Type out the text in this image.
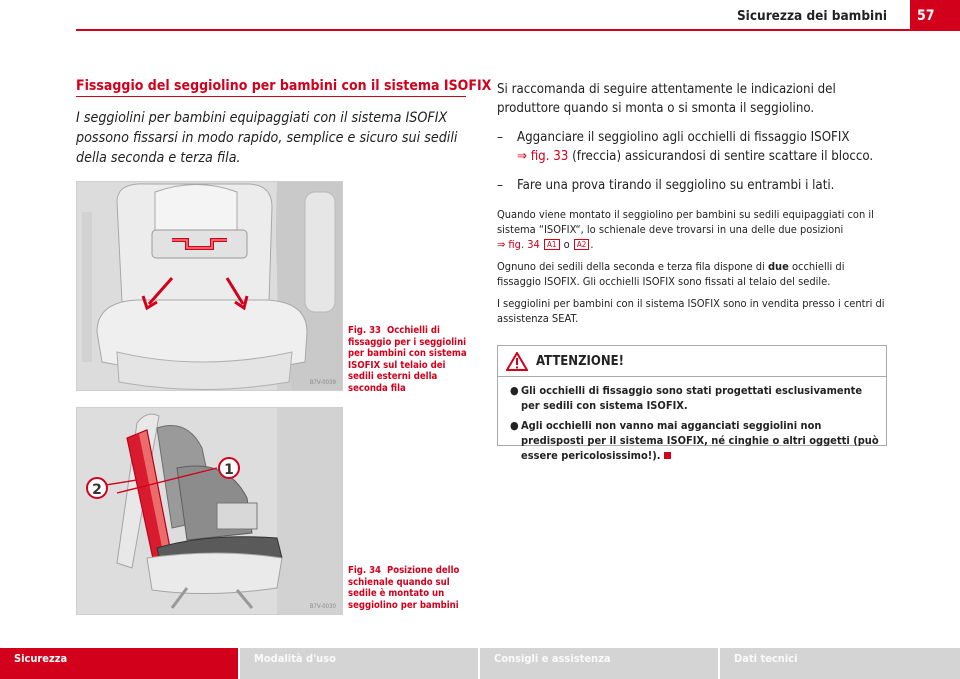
Sicurezza dei bambini	57
Fissaggio del seggiolino per bambini con il sistema ISOFIX
I seggiolini per bambini equipaggiati con il sistema ISOFIX possono fissarsi in modo rapido, semplice e sicuro sui sedili della seconda e terza fila.
B7V-0039
Fig. 33 Occhielli di fissaggio per i seggiolini per bambini con sistema ISOFIX sul telaio dei sedili esterni della seconda fila
1
2
B7V-0030
Fig. 34 Posizione dello schienale quando sul sedile è montato un seggiolino per bambini

Si raccomanda di seguire attentamente le indicazioni del produttore quando si monta o si smonta il seggiolino.

– Agganciare il seggiolino agli occhielli di fissaggio ISOFIX
⇒ fig. 33 (freccia) assicurandosi di sentire scattare il blocco.
– Fare una prova tirando il seggiolino su entrambi i lati.

Quando viene montato il seggiolino per bambini su sedili equipaggiati con il sistema “ISOFIX“, lo schienale deve trovarsi in una delle due posizioni
⇒ fig. 34 A1 o A2 .

Ognuno dei sedili della seconda e terza fila dispone di due occhielli di fissaggio ISOFIX. Gli occhielli ISOFIX sono fissati al telaio del sedile.

I seggiolini per bambini con il sistema ISOFIX sono in vendita presso i centri di assistenza SEAT.

ATTENZIONE!
● Gli occhielli di fissaggio sono stati progettati esclusivamente per sedili con sistema ISOFIX.
● Agli occhielli non vanno mai agganciati seggiolini non predisposti per il sistema ISOFIX, né cinghie o altri oggetti (può essere pericolosissimo!).
Sicurezza	Modalità d'uso	Consigli e assistenza	Dati tecnici
